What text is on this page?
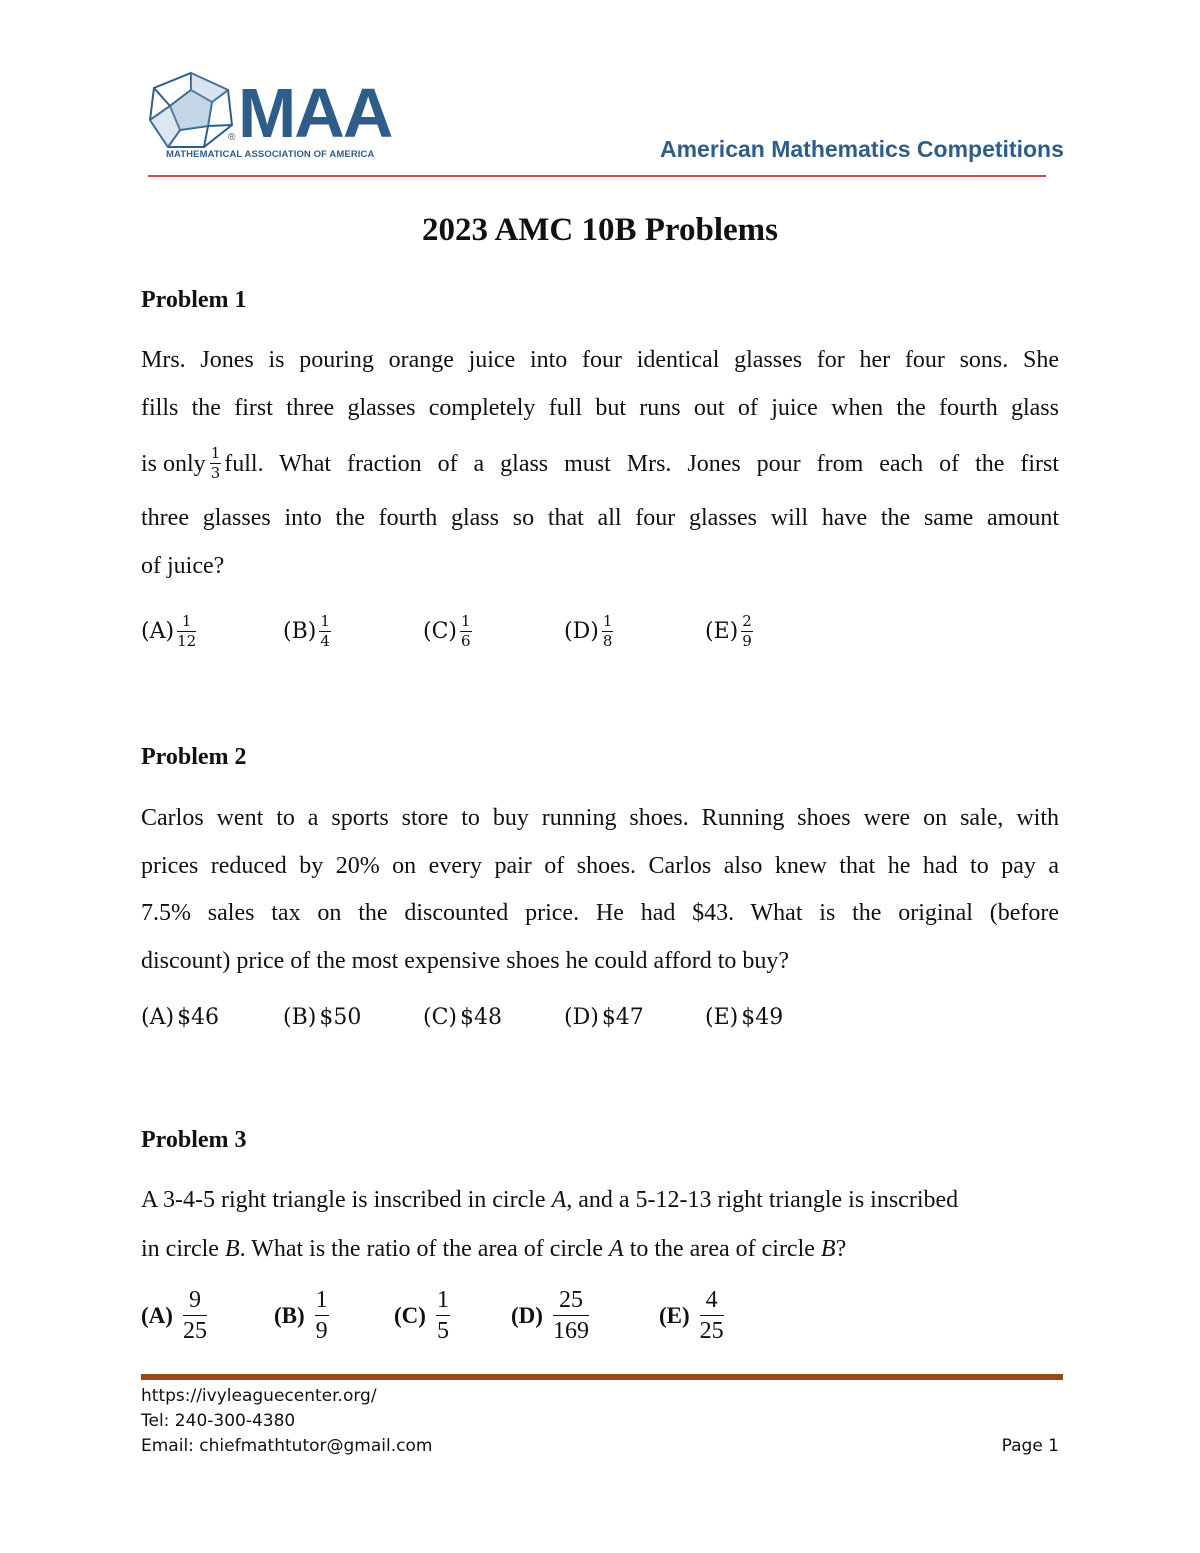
MAA
®
MATHEMATICAL ASSOCIATION OF AMERICA	American Mathematics Competitions
2023 AMC 10B Problems
Problem 1
Mrs. Jones is pouring orange juice into four identical glasses for her four sons. She
fills the first three glasses completely full but runs out of juice when the fourth glass
is only $\frac{1}{3}$ full. What fraction of a glass must Mrs. Jones pour from each of the first
three glasses into the fourth glass so that all four glasses will have the same amount
of juice?
$(A) \frac{1}{12}$	$(B) \frac{1}{4}$	$(C) \frac{1}{6}$	$(D) \frac{1}{8}$	$(E) \frac{2}{9}$
Problem 2
Carlos went to a sports store to buy running shoes. Running shoes were on sale, with
prices reduced by 20% on every pair of shoes. Carlos also knew that he had to pay a
7.5% sales tax on the discounted price. He had $43. What is the original (before
discount) price of the most expensive shoes he could afford to buy?
(A) $46	(B) $50	(C) $48	(D) $47	(E) $49
Problem 3
A 3-4-5 right triangle is inscribed in circle A, and a 5-12-13 right triangle is inscribed
in circle B. What is the ratio of the area of circle A to the area of circle B?
$(A) \frac{9}{25}$	$(B) \frac{1}{9}$	$(C) \frac{1}{5}$	$(D) \frac{25}{169}$	$(E) \frac{4}{25}$
https://ivyleaguecenter.org/
Tel: 240-300-4380
Email: chiefmathtutor@gmail.com	Page 1
